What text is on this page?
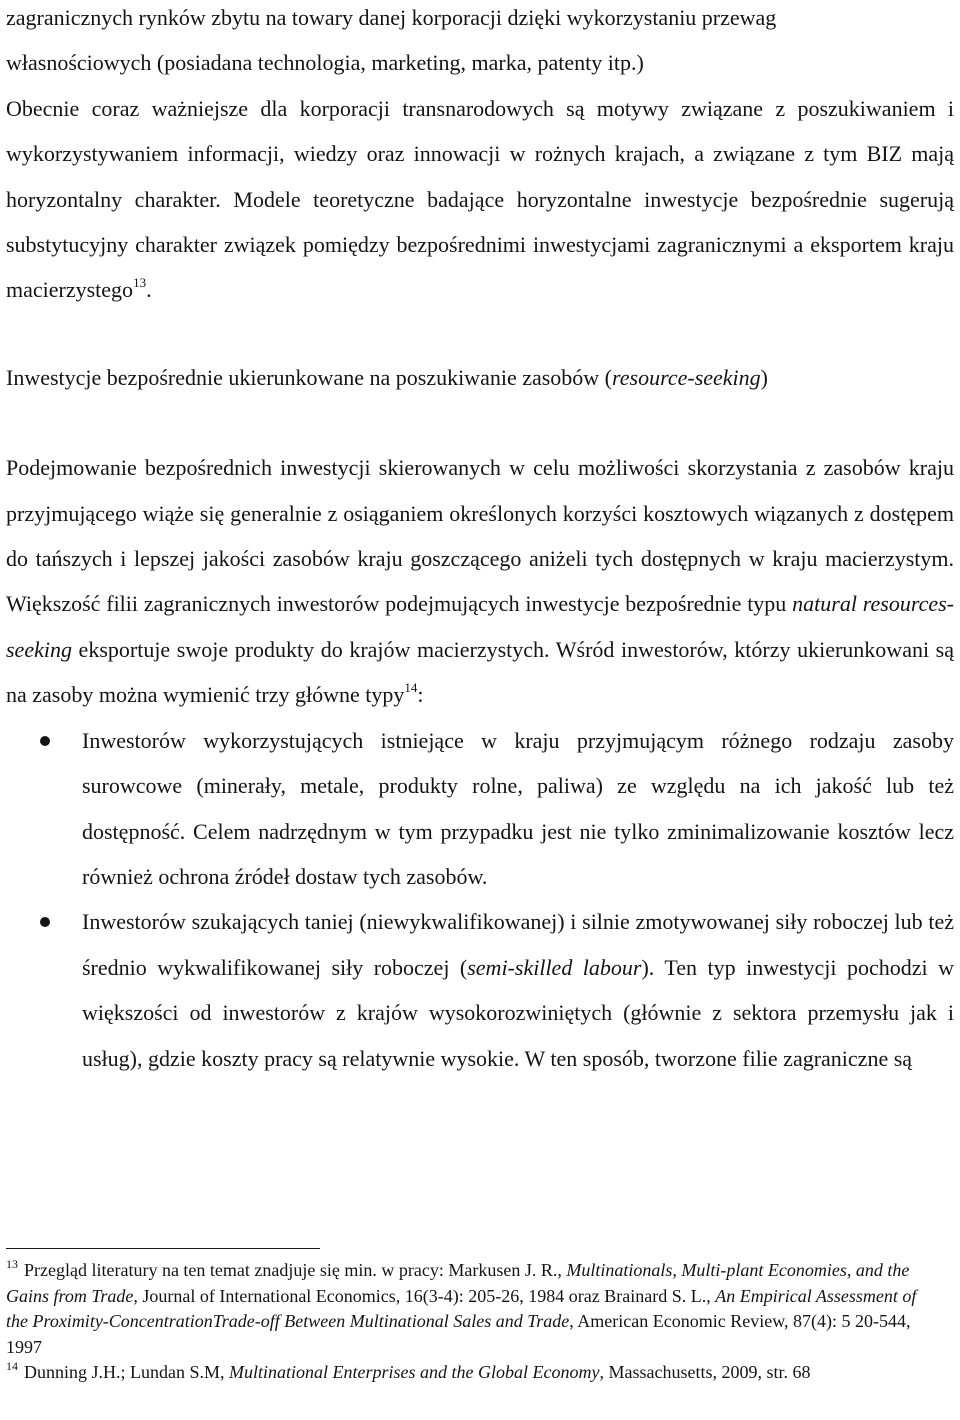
zagranicznych rynków zbytu na towary danej korporacji dzięki wykorzystaniu przewag
własnościowych (posiadana technologia, marketing, marka, patenty itp.)
Obecnie coraz ważniejsze dla korporacji transnarodowych są motywy związane z poszukiwaniem i wykorzystywaniem informacji, wiedzy oraz innowacji w rożnych krajach, a związane z tym BIZ mają horyzontalny charakter. Modele teoretyczne badające horyzontalne inwestycje bezpośrednie sugerują substytucyjny charakter związek pomiędzy bezpośrednimi inwestycjami zagranicznymi a eksportem kraju macierzystego$^{13}$.

Inwestycje bezpośrednie ukierunkowane na poszukiwanie zasobów (resource-seeking)

Podejmowanie bezpośrednich inwestycji skierowanych w celu możliwości skorzystania z zasobów kraju przyjmującego wiąże się generalnie z osiąganiem określonych korzyści kosztowych wiązanych z dostępem do tańszych i lepszej jakości zasobów kraju goszczącego aniżeli tych dostępnych w kraju macierzystym. Większość filii zagranicznych inwestorów podejmujących inwestycje bezpośrednie typu natural resources-seeking eksportuje swoje produkty do krajów macierzystych. Wśród inwestorów, którzy ukierunkowani są na zasoby można wymienić trzy główne typy$^{14}$:

Inwestorów wykorzystujących istniejące w kraju przyjmującym różnego rodzaju zasoby surowcowe (minerały, metale, produkty rolne, paliwa) ze względu na ich jakość lub też dostępność. Celem nadrzędnym w tym przypadku jest nie tylko zminimalizowanie kosztów lecz również ochrona źródeł dostaw tych zasobów.
Inwestorów szukających taniej (niewykwalifikowanej) i silnie zmotywowanej siły roboczej lub też średnio wykwalifikowanej siły roboczej (semi-skilled labour). Ten typ inwestycji pochodzi w większości od inwestorów z krajów wysokorozwiniętych (głównie z sektora przemysłu jak i usług), gdzie koszty pracy są relatywnie wysokie. W ten sposób, tworzone filie zagraniczne są

$^{13}$ Przegląd literatury na ten temat znadjuje się min. w pracy: Markusen J. R., Multinationals, Multi-plant Economies, and the Gains from Trade, Journal of International Economics, 16(3-4): 205-26, 1984 oraz Brainard S. L., An Empirical Assessment of the Proximity-ConcentrationTrade-off Between Multinational Sales and Trade, American Economic Review, 87(4): 5 20-544, 1997

$^{14}$ Dunning J.H.; Lundan S.M, Multinational Enterprises and the Global Economy, Massachusetts, 2009, str. 68
